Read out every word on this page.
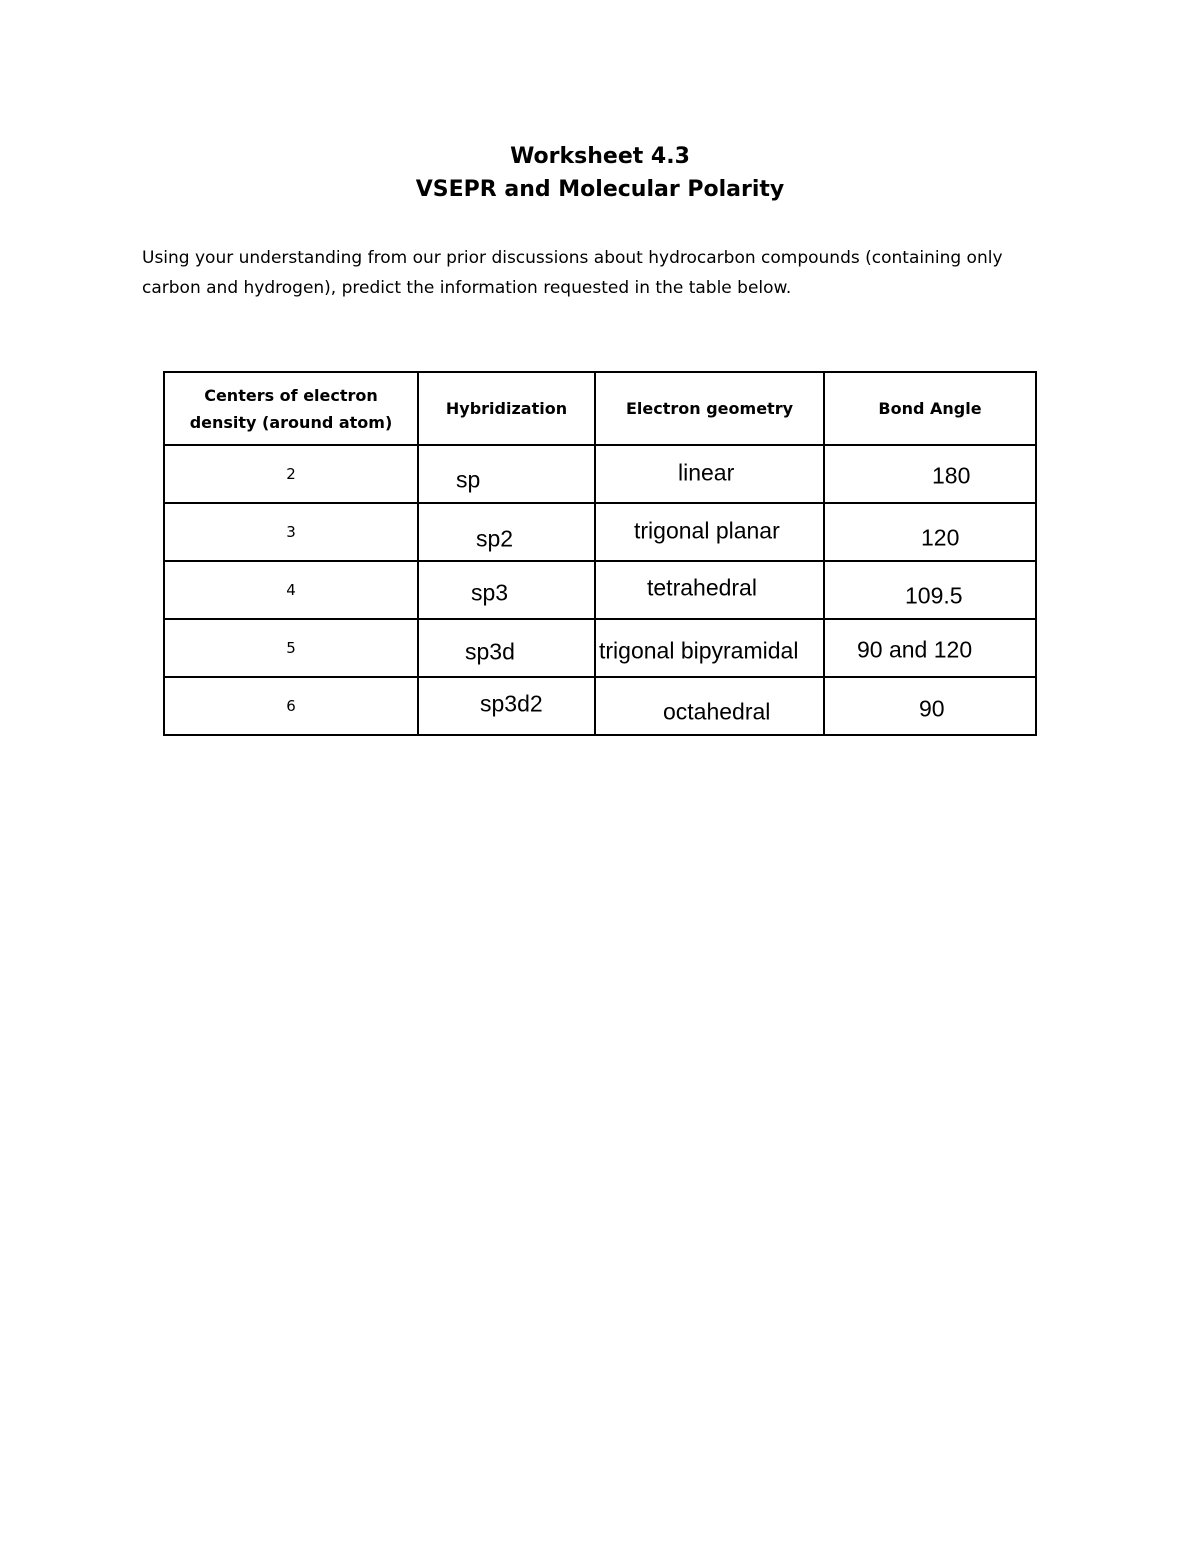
Worksheet 4.3
VSEPR and Molecular Polarity

Using your understanding from our prior discussions about hydrocarbon compounds (containing only carbon and hydrogen), predict the information requested in the table below.

Centers of electron density (around atom)	Hybridization	Electron geometry	Bond Angle
2	sp	linear	180

3	sp2	trigonal planar	120

4	sp3	tetrahedral	109.5

5	sp3d	trigonal bipyramidal	90 and 120

6	sp3d2	octahedral	90
